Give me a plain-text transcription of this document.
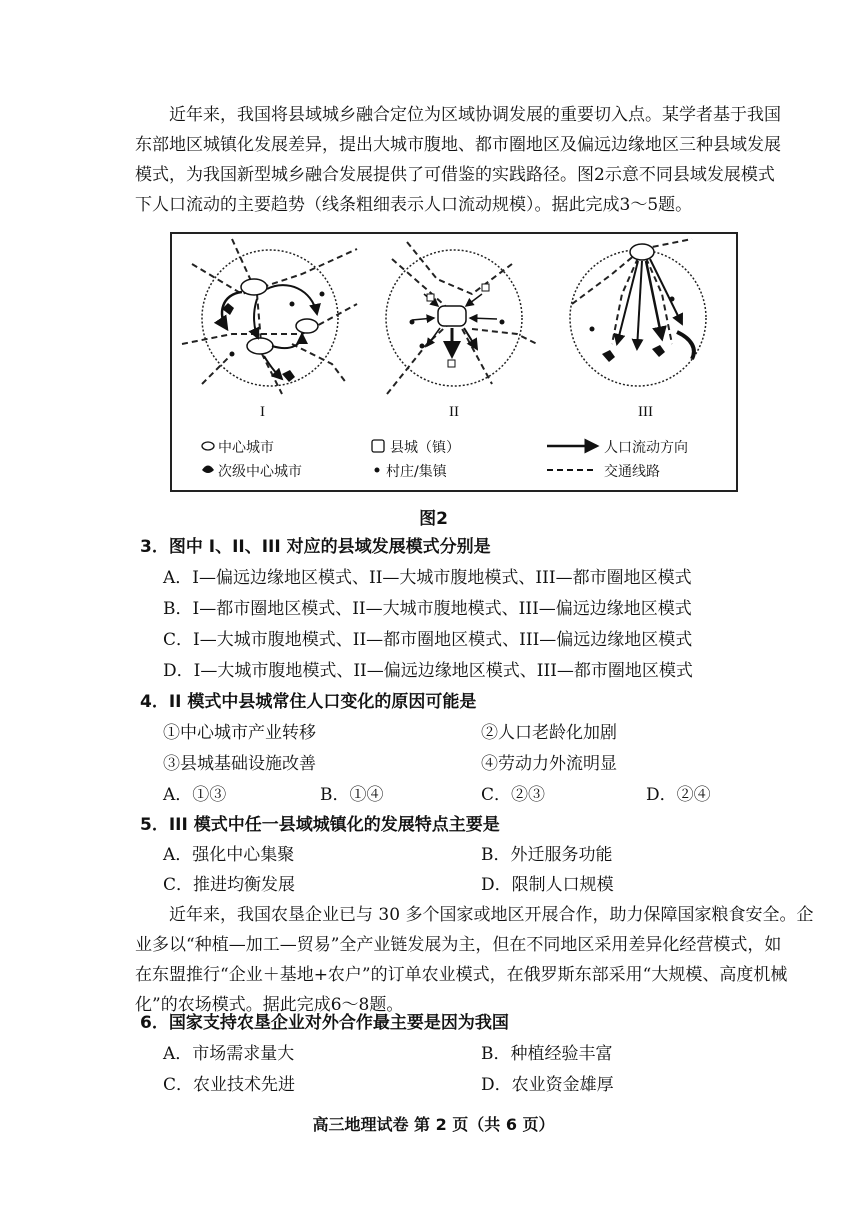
近年来，我国将县域城乡融合定位为区域协调发展的重要切入点。某学者基于我国
东部地区城镇化发展差异，提出大城市腹地、都市圈地区及偏远边缘地区三种县域发展
模式，为我国新型城乡融合发展提供了可借鉴的实践路径。图2示意不同县域发展模式
下人口流动的主要趋势（线条粗细表示人口流动规模）。据此完成3～5题。
I	II	III
中心城市
次级中心城市
县城（镇）
村庄/集镇
人口流动方向
交通线路
图2
3．图中 I、II、III 对应的县域发展模式分别是
A．I—偏远边缘地区模式、II—大城市腹地模式、III—都市圈地区模式
B．I—都市圈地区模式、II—大城市腹地模式、III—偏远边缘地区模式
C．I—大城市腹地模式、II—都市圈地区模式、III—偏远边缘地区模式
D．I—大城市腹地模式、II—偏远边缘地区模式、III—都市圈地区模式
4．II 模式中县城常住人口变化的原因可能是
①中心城市产业转移	②人口老龄化加剧
③县城基础设施改善	④劳动力外流明显
A．①③	B．①④	C．②③	D．②④
5．III 模式中任一县域城镇化的发展特点主要是
A．强化中心集聚	B．外迁服务功能
C．推进均衡发展	D．限制人口规模
近年来，我国农垦企业已与 30 多个国家或地区开展合作，助力保障国家粮食安全。企
业多以“种植—加工—贸易”全产业链发展为主，但在不同地区采用差异化经营模式，如
在东盟推行“企业＋基地+农户”的订单农业模式，在俄罗斯东部采用“大规模、高度机械
化”的农场模式。据此完成6～8题。
6．国家支持农垦企业对外合作最主要是因为我国
A．市场需求量大	B．种植经验丰富
C．农业技术先进	D．农业资金雄厚
高三地理试卷 第 2 页（共 6 页）
